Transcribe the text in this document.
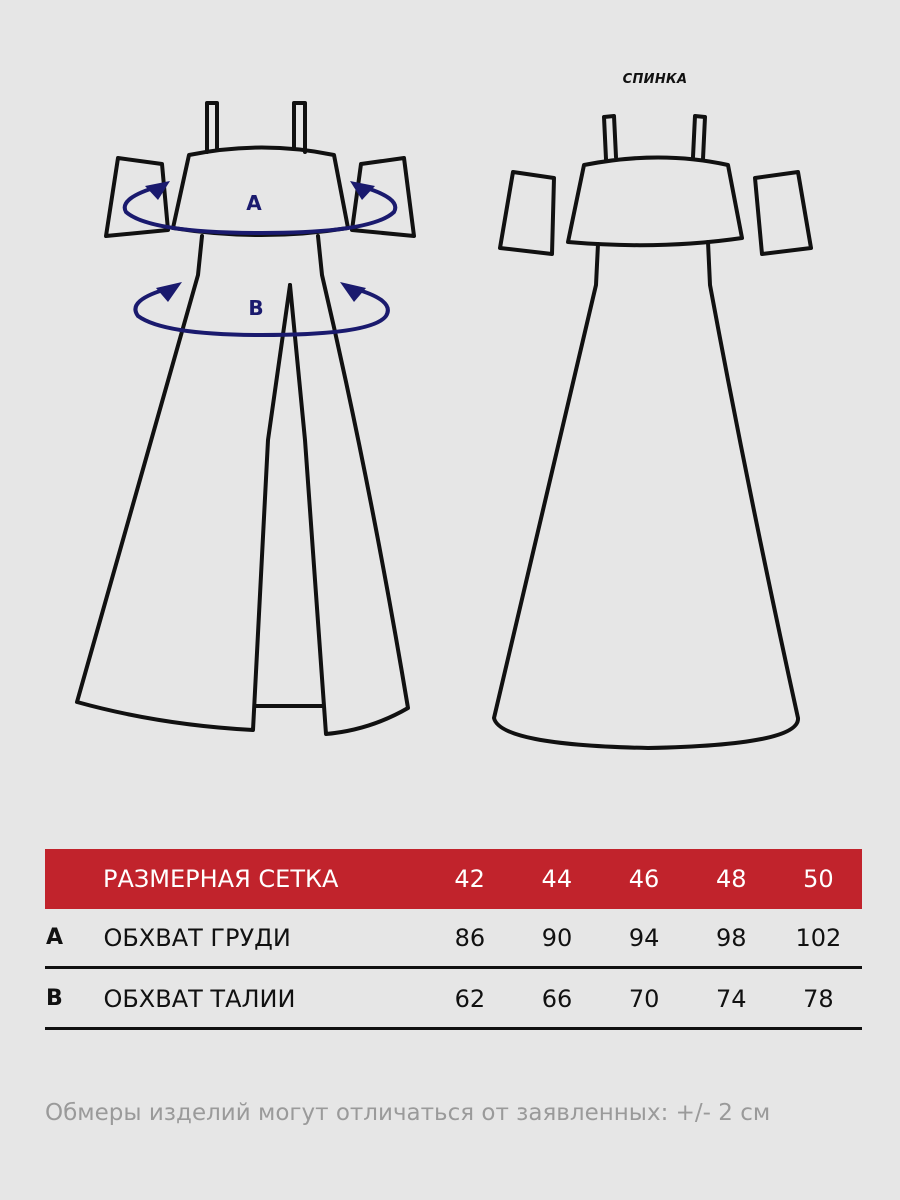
A
B
СПИНКА
РАЗМЕРНАЯ СЕТКА	42	44	46	48	50
A	ОБХВАТ ГРУДИ	86	90	94	98	102
B	ОБХВАТ ТАЛИИ	62	66	70	74	78
Обмеры изделий могут отличаться от заявленных: +/- 2 см
